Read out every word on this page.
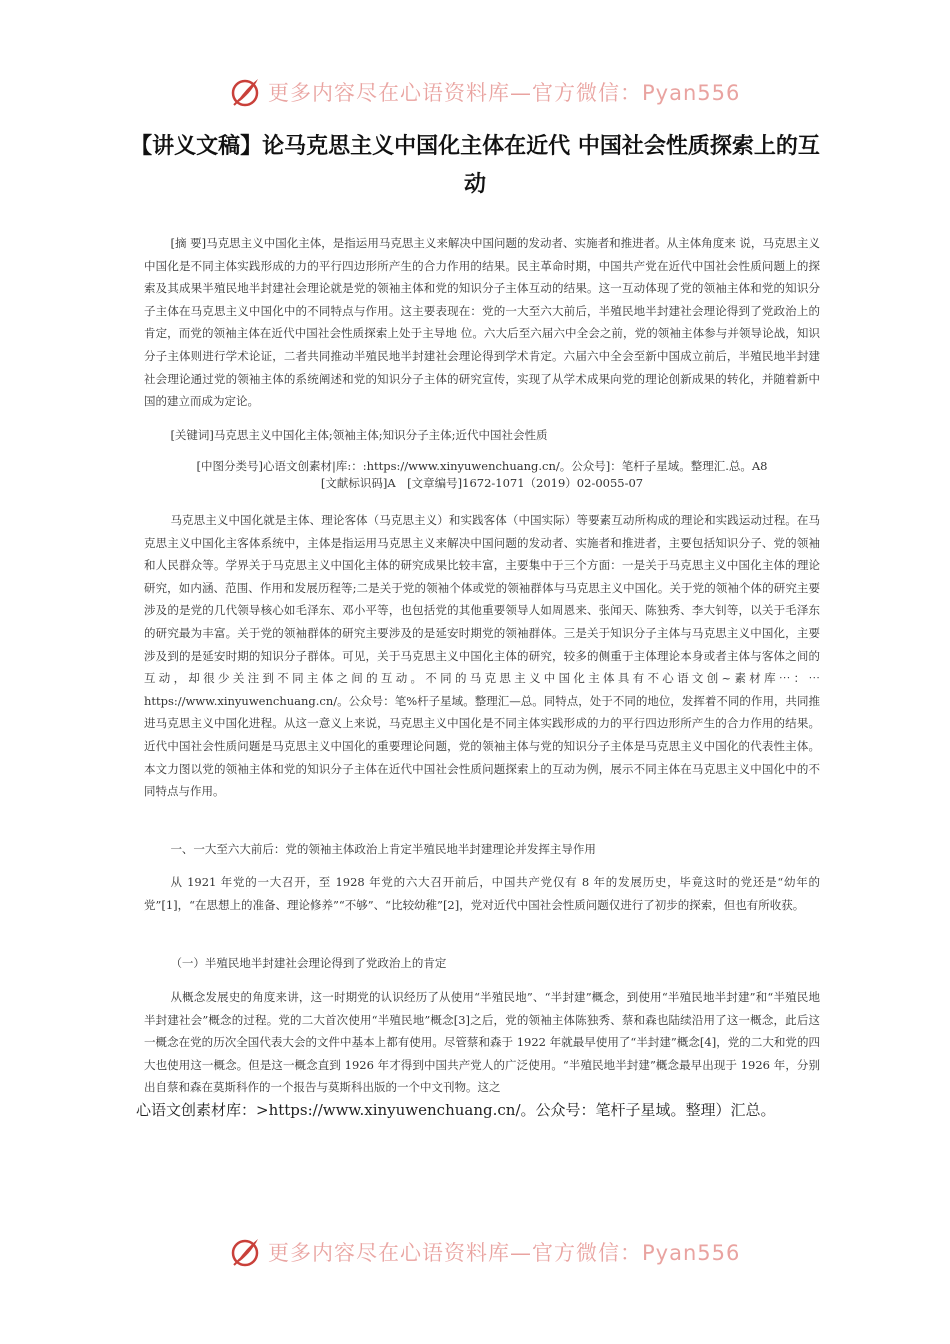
更多内容尽在心语资料库—官方微信：Pyan556
【讲义文稿】论马克思主义中国化主体在近代 中国社会性质探索上的互动

[摘 要]马克思主义中国化主体，是指运用马克思主义来解决中国问题的发动者、实施者和推进者。从主体角度来 说，马克思主义中国化是不同主体实践形成的力的平行四边形所产生的合力作用的结果。民主革命时期，中国共产党在近代中国社会性质问题上的探索及其成果半殖民地半封建社会理论就是党的领袖主体和党的知识分子主体互动的结果。这一互动体现了党的领袖主体和党的知识分子主体在马克思主义中国化中的不同特点与作用。这主要表现在：党的一大至六大前后，半殖民地半封建社会理论得到了党政治上的肯定，而党的领袖主体在近代中国社会性质探索上处于主导地 位。六大后至六届六中全会之前，党的领袖主体参与并领导论战，知识分子主体则进行学术论证，二者共同推动半殖民地半封建社会理论得到学术肯定。六届六中全会至新中国成立前后，半殖民地半封建社会理论通过党的领袖主体的系统阐述和党的知识分子主体的研究宣传，实现了从学术成果向党的理论创新成果的转化，并随着新中国的建立而成为定论。

[关键词]马克思主义中国化主体;领袖主体;知识分子主体;近代中国社会性质

[中图分类号]心语文创素材|库:：:https://www.xinyuwenchuang.cn/。公众号]：笔杆子星域。整理汇.总。A8

[文献标识码]A　[文章编号]1672-1071（2019）02-0055-07

马克思主义中国化就是主体、理论客体（马克思主义）和实践客体（中国实际）等要素互动所构成的理论和实践运动过程。在马克思主义中国化主客体系统中，主体是指运用马克思主义来解决中国问题的发动者、实施者和推进者，主要包括知识分子、党的领袖和人民群众等。学界关于马克思主义中国化主体的研究成果比较丰富，主要集中于三个方面：一是关于马克思主义中国化主体的理论研究，如内涵、范围、作用和发展历程等;二是关于党的领袖个体或党的领袖群体与马克思主义中国化。关于党的领袖个体的研究主要涉及的是党的几代领导核心如毛泽东、邓小平等，也包括党的其他重要领导人如周恩来、张闻天、陈独秀、李大钊等，以关于毛泽东的研究最为丰富。关于党的领袖群体的研究主要涉及的是延安时期党的领袖群体。三是关于知识分子主体与马克思主义中国化，主要涉及到的是延安时期的知识分子群体。可见，关于马克思主义中国化主体的研究，较多的侧重于主体理论本身或者主体与客体之间的互动，却很少关注到不同主体之间的互动。不同的马克思主义中国化主体具有不心语文创~素材库⋯：⋯https://www.xinyuwenchuang.cn/。公众号：笔%杆子星域。整理汇—总。同特点，处于不同的地位，发挥着不同的作用，共同推进马克思主义中国化进程。从这一意义上来说，马克思主义中国化是不同主体实践形成的力的平行四边形所产生的合力作用的结果。近代中国社会性质问题是马克思主义中国化的重要理论问题，党的领袖主体与党的知识分子主体是马克思主义中国化的代表性主体。本文力图以党的领袖主体和党的知识分子主体在近代中国社会性质问题探索上的互动为例，展示不同主体在马克思主义中国化中的不同特点与作用。

一、一大至六大前后：党的领袖主体政治上肯定半殖民地半封建理论并发挥主导作用

从 1921 年党的一大召开，至 1928 年党的六大召开前后，中国共产党仅有 8 年的发展历史，毕竟这时的党还是“幼年的党”[1]，“在思想上的准备、理论修养”“不够”、“比较幼稚”[2]，党对近代中国社会性质问题仅进行了初步的探索，但也有所收获。

（一）半殖民地半封建社会理论得到了党政治上的肯定

从概念发展史的角度来讲，这一时期党的认识经历了从使用“半殖民地”、“半封建”概念，到使用“半殖民地半封建”和“半殖民地半封建社会”概念的过程。党的二大首次使用“半殖民地”概念[3]之后，党的领袖主体陈独秀、蔡和森也陆续沿用了这一概念，此后这一概念在党的历次全国代表大会的文件中基本上都有使用。尽管蔡和森于 1922 年就最早使用了“半封建”概念[4]，党的二大和党的四大也使用这一概念。但是这一概念直到 1926 年才得到中国共产党人的广泛使用。“半殖民地半封建”概念最早出现于 1926 年，分别出自蔡和森在莫斯科作的一个报告与莫斯科出版的一个中文刊物。这之

心语文创素材库：>https://www.xinyuwenchuang.cn/。公众号：笔杆子星域。整理）汇总。

更多内容尽在心语资料库—官方微信：Pyan556
